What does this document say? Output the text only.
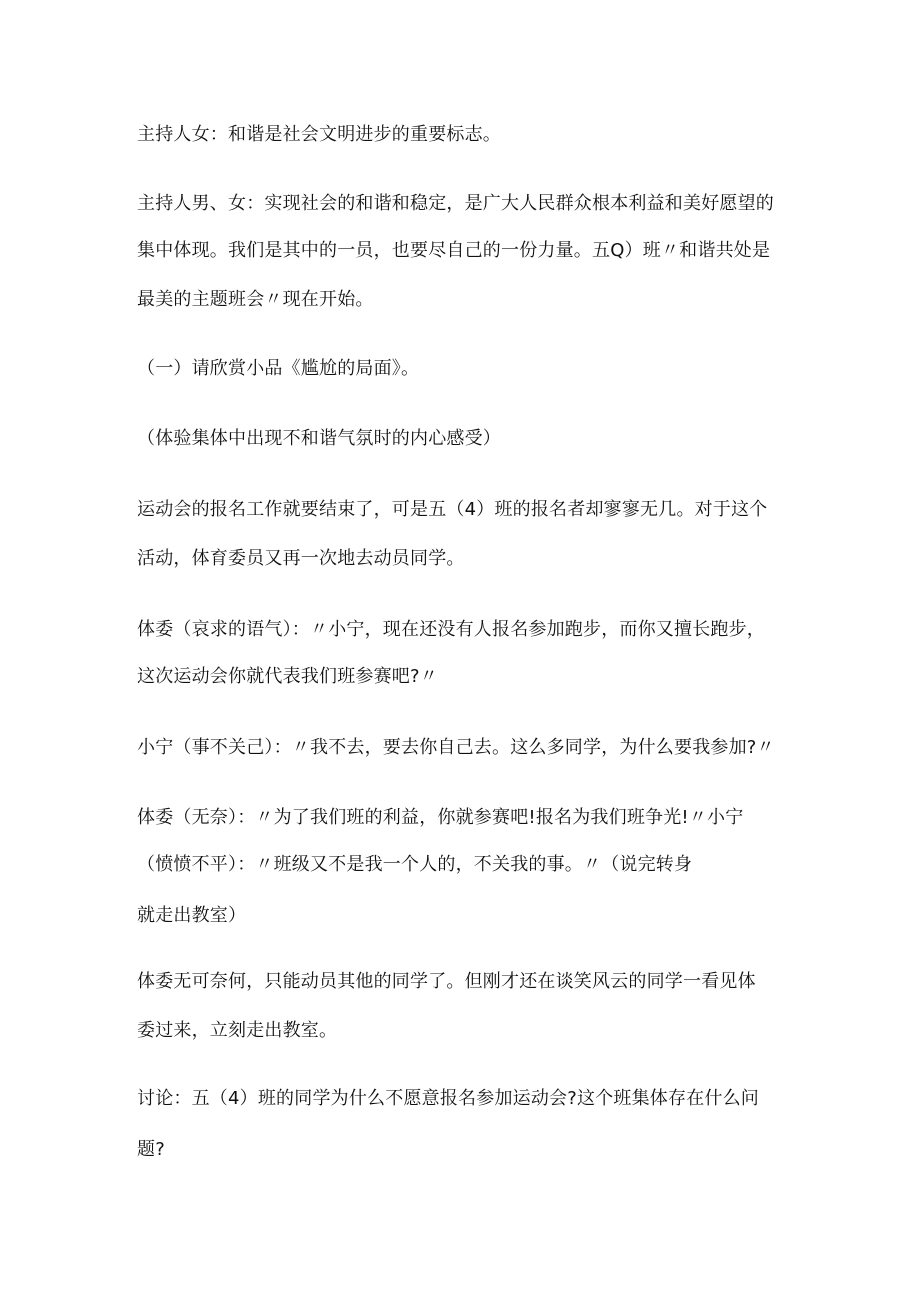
主持人女：和谐是社会文明进步的重要标志。
主持人男、女：实现社会的和谐和稳定，是广大人民群众根本利益和美好愿望的
集中体现。我们是其中的一员，也要尽自己的一份力量。五Q）班〃和谐共处是
最美的主题班会〃现在开始。
（一）请欣赏小品《尴尬的局面》。
（体验集体中出现不和谐气氛时的内心感受）
运动会的报名工作就要结束了，可是五（4）班的报名者却寥寥无几。对于这个
活动，体育委员又再一次地去动员同学。
体委（哀求的语气）：〃小宁，现在还没有人报名参加跑步，而你又擅长跑步，
这次运动会你就代表我们班参赛吧?〃
小宁（事不关己）：〃我不去，要去你自己去。这么多同学，为什么要我参加?〃
体委（无奈）：〃为了我们班的利益，你就参赛吧!报名为我们班争光!〃小宁
（愤愤不平）：〃班级又不是我一个人的，不关我的事。〃（说完转身
就走出教室）
体委无可奈何，只能动员其他的同学了。但刚才还在谈笑风云的同学一看见体
委过来，立刻走出教室。
讨论：五（4）班的同学为什么不愿意报名参加运动会?这个班集体存在什么问
题?
